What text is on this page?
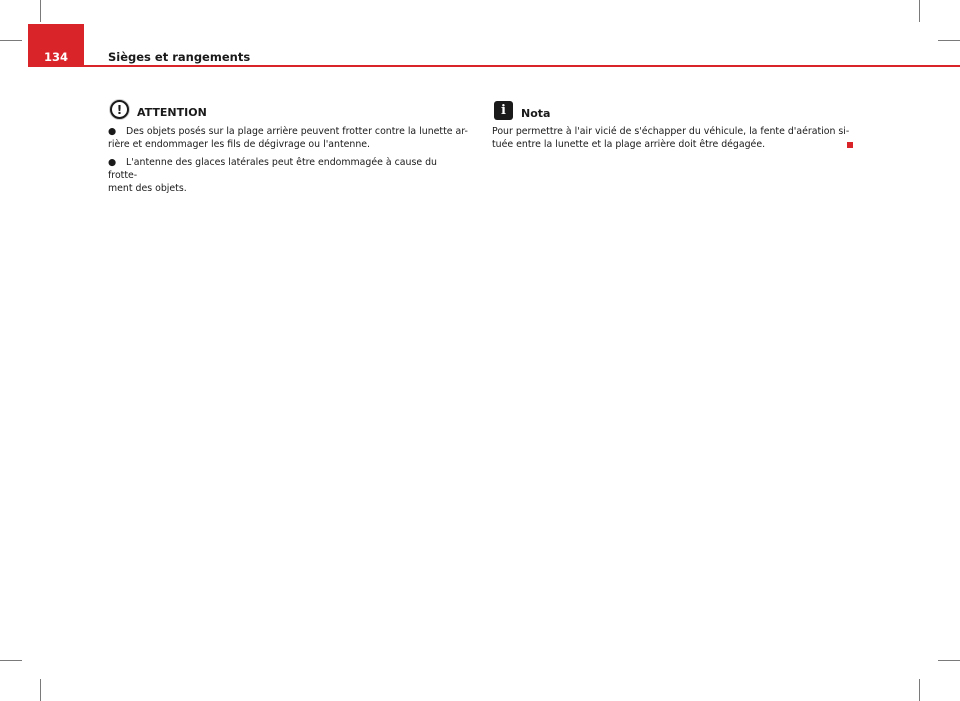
134	Sièges et rangements
!	ATTENTION

● Des objets posés sur la plage arrière peuvent frotter contre la lunette ar-
rière et endommager les fils de dégivrage ou l'antenne.

● L'antenne des glaces latérales peut être endommagée à cause du frotte-
ment des objets.

i	Nota
Pour permettre à l'air vicié de s'échapper du véhicule, la fente d'aération si-
tuée entre la lunette et la plage arrière doit être dégagée.
